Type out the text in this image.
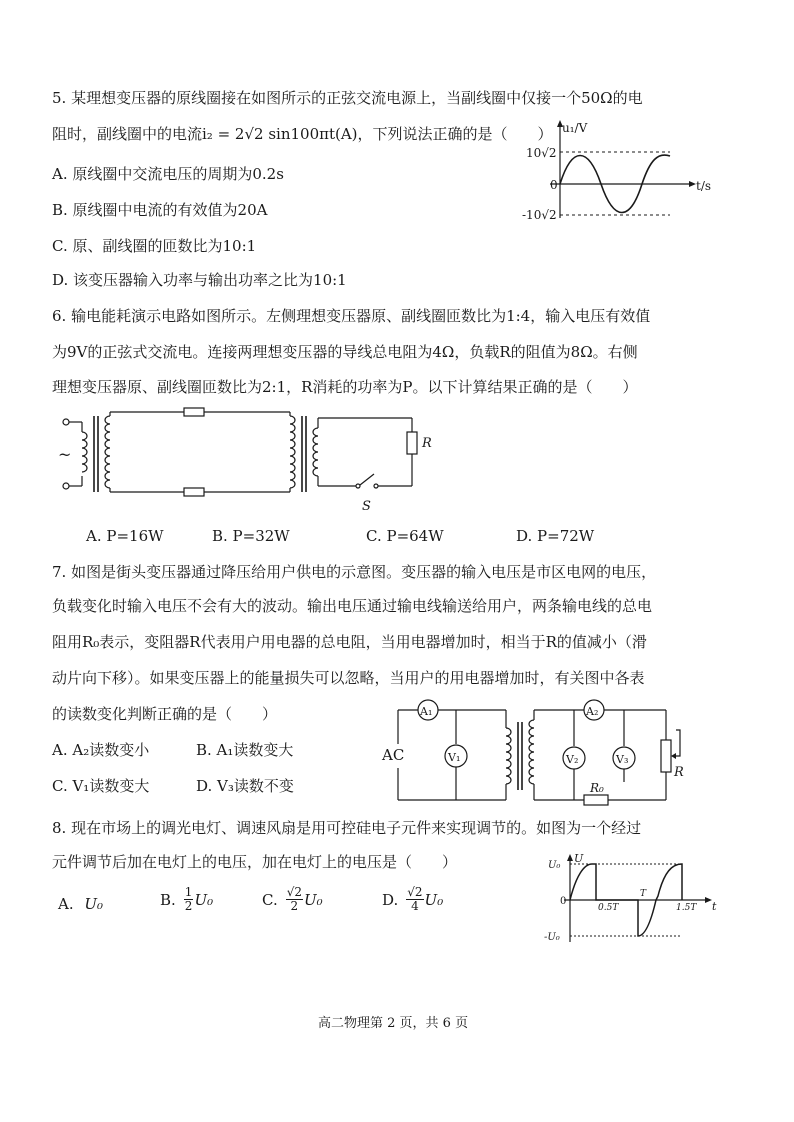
5. 某理想变压器的原线圈接在如图所示的正弦交流电源上，当副线圈中仅接一个50Ω的电
阻时，副线圈中的电流i₂ = 2√2 sin100πt(A)，下列说法正确的是（　　）
A. 原线圈中交流电压的周期为0.2s
B. 原线圈中电流的有效值为20A
C. 原、副线圈的匝数比为10:1
D. 该变压器输入功率与输出功率之比为10:1
u₁/V
t/s
10√2
0
-10√2
6. 输电能耗演示电路如图所示。左侧理想变压器原、副线圈匝数比为1:4，输入电压有效值
为9V的正弦式交流电。连接两理想变压器的导线总电阻为4Ω，负载R的阻值为8Ω。右侧
理想变压器原、副线圈匝数比为2:1，R消耗的功率为P。以下计算结果正确的是（　　）
~
R
S
A. P=16W	B. P=32W	C. P=64W	D. P=72W
7. 如图是街头变压器通过降压给用户供电的示意图。变压器的输入电压是市区电网的电压，
负载变化时输入电压不会有大的波动。输出电压通过输电线输送给用户，两条输电线的总电
阻用R₀表示，变阻器R代表用户用电器的总电阻，当用电器增加时，相当于R的值减小（滑
动片向下移）。如果变压器上的能量损失可以忽略，当用户的用电器增加时，有关图中各表
的读数变化判断正确的是（　　）
A. A₂读数变小	B. A₁读数变大
C. V₁读数变大	D. V₃读数不变
AC
A₁
V₁
A₂
R₀
V₂	V₃
R
8. 现在市场上的调光电灯、调速风扇是用可控硅电子元件来实现调节的。如图为一个经过
元件调节后加在电灯上的电压，加在电灯上的电压是（　　）
A. U₀	B. $\frac{1}{2} U_0$	C. $\frac{√2}{2} U_0$	D. $\frac{√2}{4} U_0$
U
U₀
0
-U₀
0.5T
T
1.5T t
高二物理第 2 页，共 6 页
